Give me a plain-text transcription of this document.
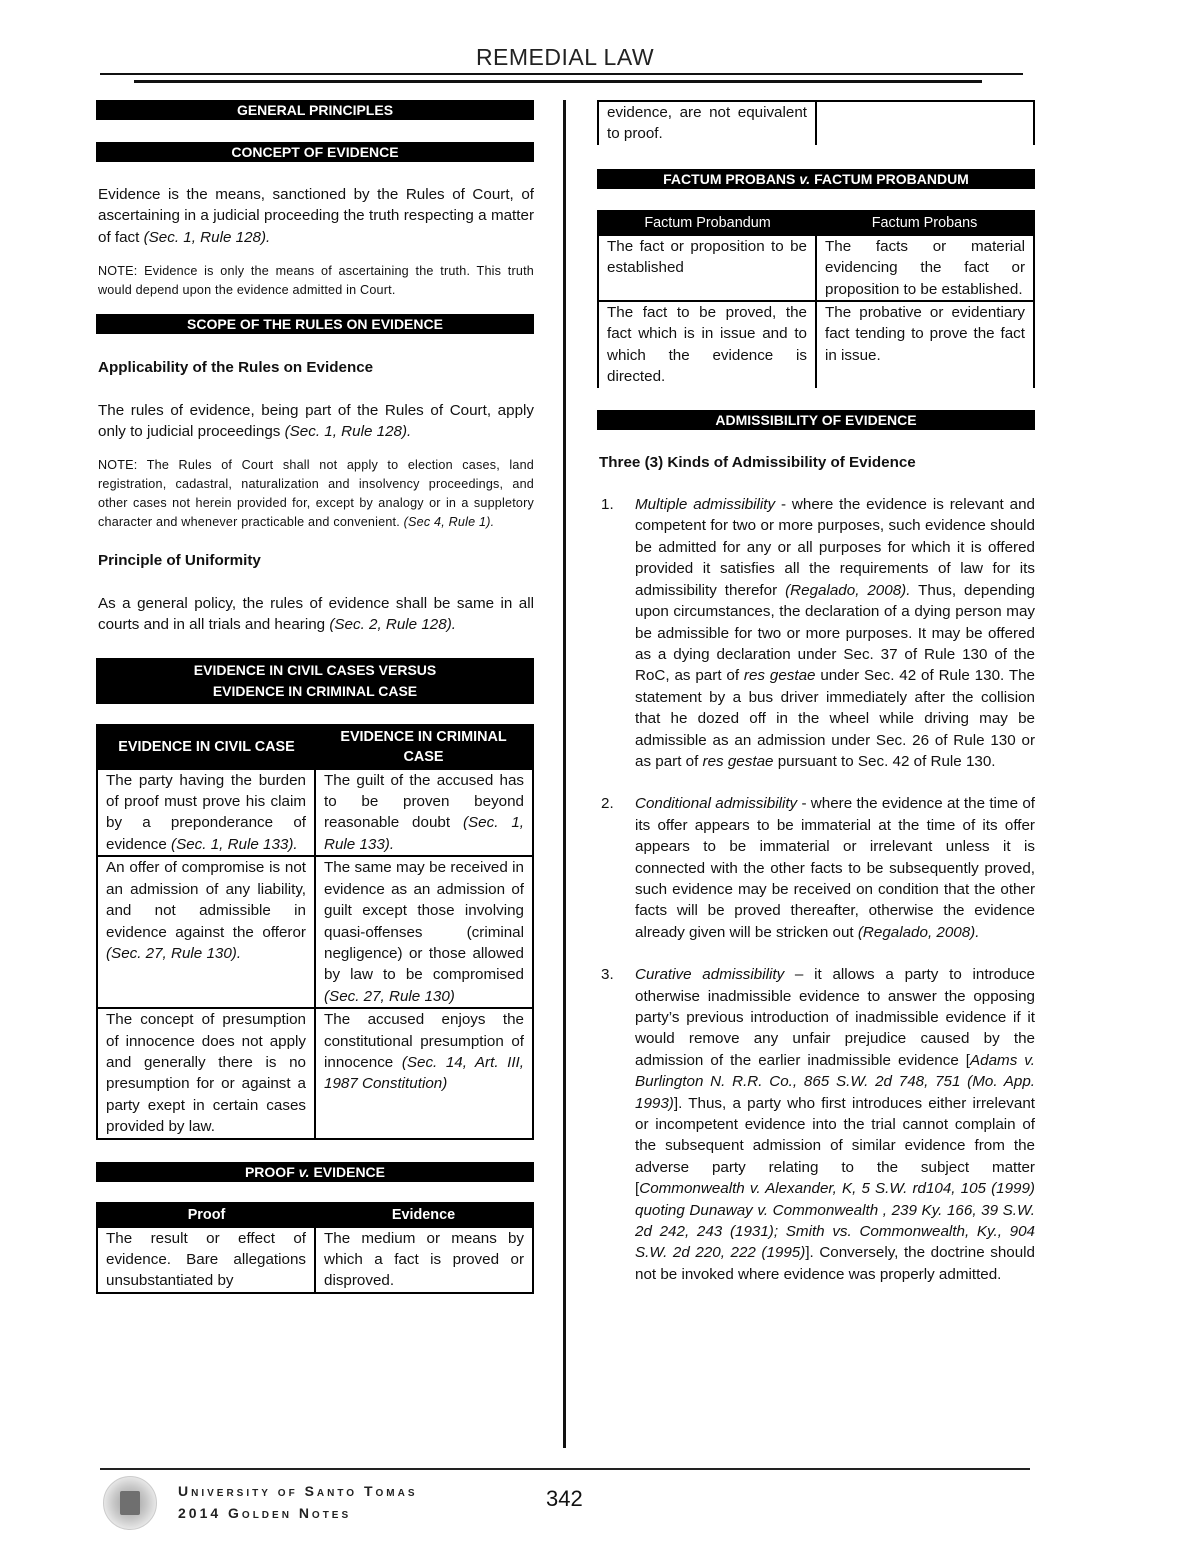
REMEDIAL LAW
GENERAL PRINCIPLES
CONCEPT OF EVIDENCE

Evidence is the means, sanctioned by the Rules of Court, of ascertaining in a judicial proceeding the truth respecting a matter of fact (Sec. 1, Rule 128).

NOTE: Evidence is only the means of ascertaining the truth. This truth would depend upon the evidence admitted in Court.

SCOPE OF THE RULES ON EVIDENCE

Applicability of the Rules on Evidence

The rules of evidence, being part of the Rules of Court, apply only to judicial proceedings (Sec. 1, Rule 128).

NOTE: The Rules of Court shall not apply to election cases, land registration, cadastral, naturalization and insolvency proceedings, and other cases not herein provided for, except by analogy or in a suppletory character and whenever practicable and convenient. (Sec 4, Rule 1).

Principle of Uniformity

As a general policy, the rules of evidence shall be same in all courts and in all trials and hearing (Sec. 2, Rule 128).

EVIDENCE IN CIVIL CASES VERSUS
EVIDENCE IN CRIMINAL CASE
EVIDENCE IN CIVIL CASE	EVIDENCE IN CRIMINAL CASE
The party having the burden of proof must prove his claim by a preponderance of evidence (Sec. 1, Rule 133).	The guilt of the accused has to be proven beyond reasonable doubt (Sec. 1, Rule 133).
An offer of compromise is not an admission of any liability, and not admissible in evidence against the offeror (Sec. 27, Rule 130).	The same may be received in evidence as an admission of guilt except those involving quasi-offenses (criminal negligence) or those allowed by law to be compromised (Sec. 27, Rule 130)
The concept of presumption of innocence does not apply and generally there is no presumption for or against a party exept in certain cases provided by law.	The accused enjoys the constitutional presumption of innocence (Sec. 14, Art. III, 1987 Constitution)
PROOF v. EVIDENCE
Proof	Evidence
The result or effect of evidence. Bare allegations unsubstantiated by	The medium or means by which a fact is proved or disproved.
evidence, are not equivalent to proof.	
FACTUM PROBANS v. FACTUM PROBANDUM
Factum Probandum	Factum Probans
The fact or proposition to be established	The facts or material evidencing the fact or proposition to be established.
The fact to be proved, the fact which is in issue and to which the evidence is directed.	The probative or evidentiary fact tending to prove the fact in issue.
ADMISSIBILITY OF EVIDENCE

Three (3) Kinds of Admissibility of Evidence

1. Multiple admissibility - where the evidence is relevant and competent for two or more purposes, such evidence should be admitted for any or all purposes for which it is offered provided it satisfies all the requirements of law for its admissibility therefor (Regalado, 2008). Thus, depending upon circumstances, the declaration of a dying person may be admissible for two or more purposes. It may be offered as a dying declaration under Sec. 37 of Rule 130 of the RoC, as part of res gestae under Sec. 42 of Rule 130. The statement by a bus driver immediately after the collision that he dozed off in the wheel while driving may be admissible as an admission under Sec. 26 of Rule 130 or as part of res gestae pursuant to Sec. 42 of Rule 130.
2. Conditional admissibility - where the evidence at the time of its offer appears to be immaterial at the time of its offer appears to be immaterial or irrelevant unless it is connected with the other facts to be subsequently proved, such evidence may be received on condition that the other facts will be proved thereafter, otherwise the evidence already given will be stricken out (Regalado, 2008).
3. Curative admissibility – it allows a party to introduce otherwise inadmissible evidence to answer the opposing party’s previous introduction of inadmissible evidence if it would remove any unfair prejudice caused by the admission of the earlier inadmissible evidence [Adams v. Burlington N. R.R. Co., 865 S.W. 2d 748, 751 (Mo. App. 1993)]. Thus, a party who first introduces either irrelevant or incompetent evidence into the trial cannot complain of the subsequent admission of similar evidence from the adverse party relating to the subject matter [Commonwealth v. Alexander, K, 5 S.W. rd104, 105 (1999) quoting Dunaway v. Commonwealth , 239 Ky. 166, 39 S.W. 2d 242, 243 (1931); Smith vs. Commonwealth, Ky., 904 S.W. 2d 220, 222 (1995)]. Conversely, the doctrine should not be invoked where evidence was properly admitted.
University of Santo Tomas
2014 Golden Notes
342
